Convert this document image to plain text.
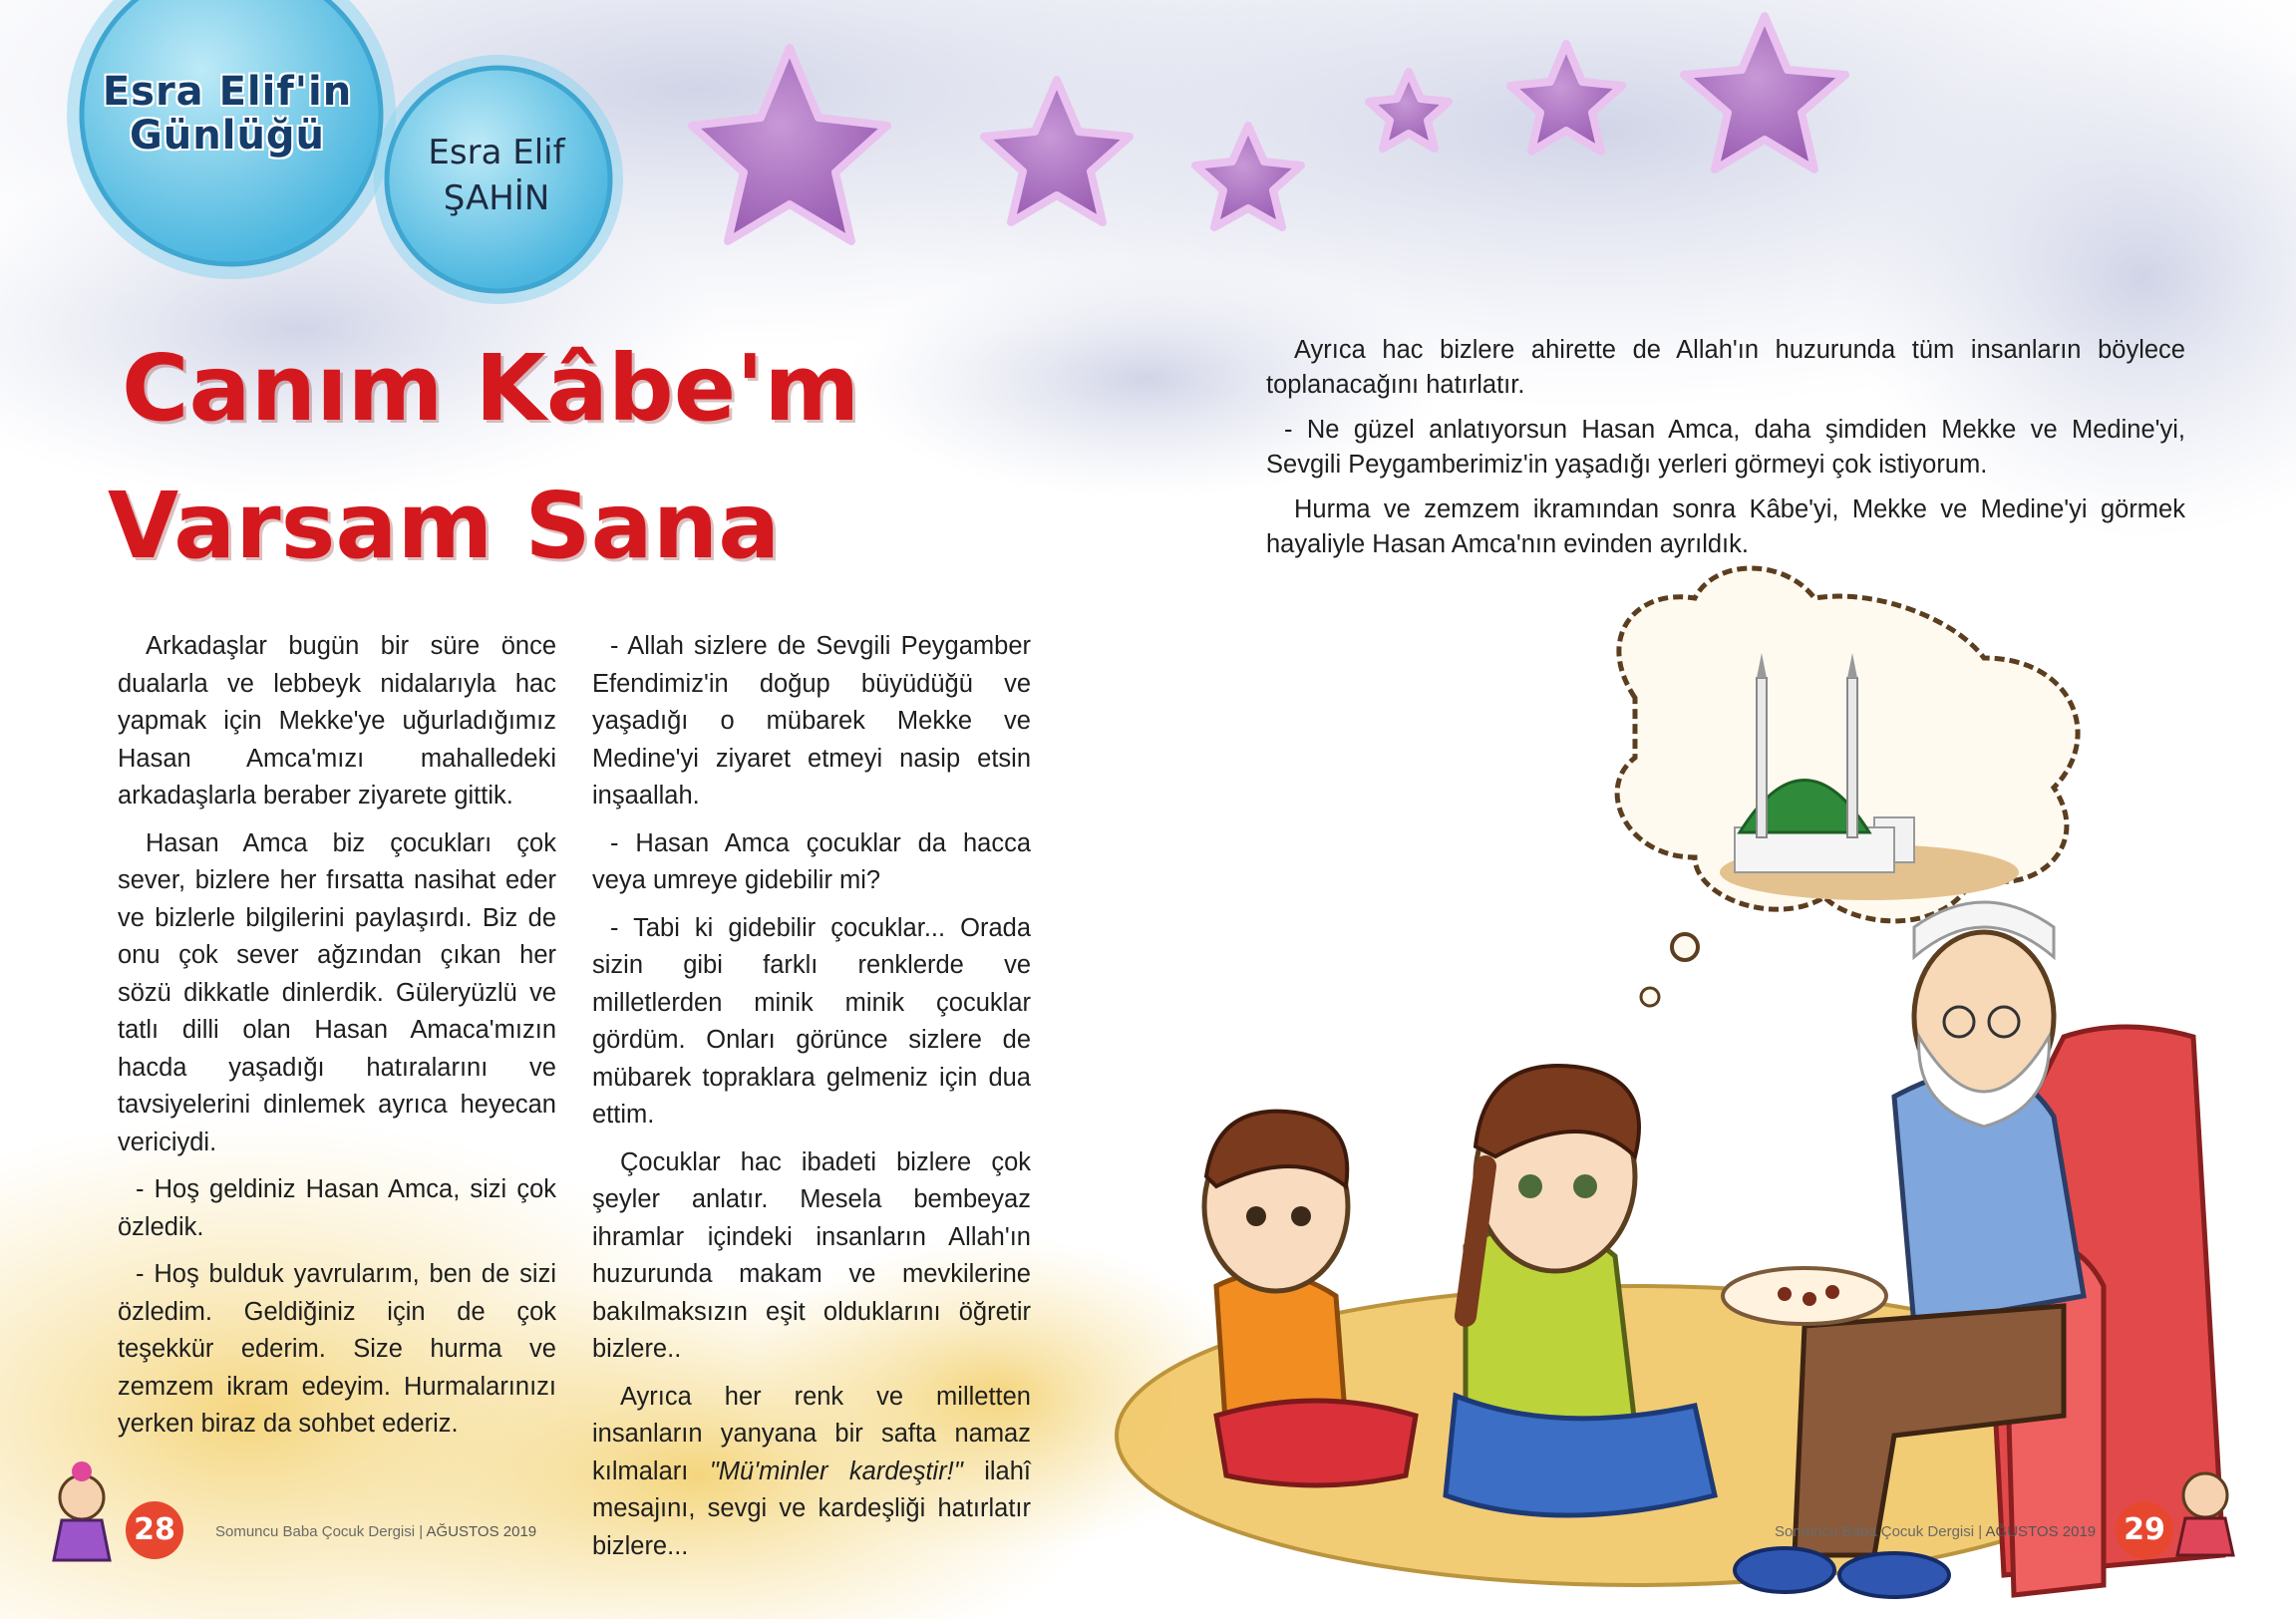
Esra Elif'in
Günlüğü	Esra Elif
ŞAHİN
Canım Kâbe'm
Varsam Sana

Arkadaşlar bugün bir süre önce dualarla ve lebbeyk nidalarıyla hac yapmak için Mekke'ye uğurladığımız Hasan Amca'mızı mahalledeki arkadaşlarla beraber ziyarete gittik.

Hasan Amca biz çocukları çok sever, bizlere her fırsatta nasihat eder ve bizlerle bilgilerini paylaşırdı. Biz de onu çok sever ağzından çıkan her sözü dikkatle dinlerdik. Güleryüzlü ve tatlı dilli olan Hasan Amaca'mızın hacda yaşadığı hatıralarını ve tavsiyelerini dinlemek ayrıca heyecan vericiydi.

- Hoş geldiniz Hasan Amca, sizi çok özledik.

- Hoş bulduk yavrularım, ben de sizi özledim. Geldiğiniz için de çok teşekkür ederim. Size hurma ve zemzem ikram edeyim. Hurmalarınızı yerken biraz da sohbet ederiz.

- Allah sizlere de Sevgili Peygamber Efendimiz'in doğup büyüdüğü ve yaşadığı o mübarek Mekke ve Medine'yi ziyaret etmeyi nasip etsin inşaallah.

- Hasan Amca çocuklar da hacca veya umreye gidebilir mi?

- Tabi ki gidebilir çocuklar... Orada sizin gibi farklı renklerde ve milletlerden minik minik çocuklar gördüm. Onları görünce sizlere de mübarek topraklara gelmeniz için dua ettim.

Çocuklar hac ibadeti bizlere çok şeyler anlatır. Mesela bembeyaz ihramlar içindeki insanların Allah'ın huzurunda makam ve mevkilerine bakılmaksızın eşit olduklarını öğretir bizlere..

Ayrıca her renk ve milletten insanların yanyana bir safta namaz kılmaları "Mü'minler kardeştir!" ilahî mesajını, sevgi ve kardeşliği hatırlatır bizlere...

Ayrıca hac bizlere ahirette de Allah'ın huzurunda tüm insanların böylece toplanacağını hatırlatır.

- Ne güzel anlatıyorsun Hasan Amca, daha şimdiden Mekke ve Medine'yi, Sevgili Peygamberimiz'in yaşadığı yerleri görmeyi çok istiyorum.

Hurma ve zemzem ikramından sonra Kâbe'yi, Mekke ve Medine'yi görmek hayaliyle Hasan Amca'nın evinden ayrıldık.

28	Somuncu Baba Çocuk Dergisi | AĞUSTOS 2019	Somuncu Baba Çocuk Dergisi | AĞUSTOS 2019 29
